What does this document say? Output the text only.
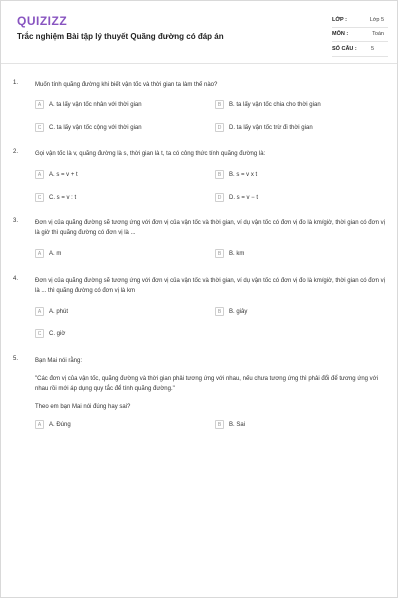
QUIZIZZ
Trắc nghiệm Bài tập lý thuyết Quãng đường có đáp án
LỚP :	Lớp 5
MÔN :	Toán
SỐ CÂU :	5
1.	Muốn tính quãng đường khi biết vận tốc và thời gian ta làm thế nào?
A	A. ta lấy vận tốc nhân với thời gian	B	B. ta lấy vận tốc chia cho thời gian
C	C. ta lấy vận tốc cộng với thời gian	D	D. ta lấy vận tốc trừ đi thời gian
2.	Gọi vận tốc là v, quãng đường là s, thời gian là t, ta có công thức tính quãng đường là:
A	A. s = v + t	B	B. s = v x t
C	C. s = v : t	D	D. s = v − t
3.	Đơn vị của quãng đường sẽ tương ứng với đơn vị của vận tốc và thời gian, ví dụ vận tốc có đơn vị đo là km/giờ, thời gian có đơn vị là giờ thì quãng đường có đơn vị là ...
A	A. m	B	B. km
4.	Đơn vị của quãng đường sẽ tương ứng với đơn vị của vận tốc và thời gian, ví dụ vận tốc có đơn vị đo là km/giờ, thời gian có đơn vị là ... thì quãng đường có đơn vị là km
A	A. phút	B	B. giây
C	C. giờ
5.	Bạn Mai nói rằng:

"Các đơn vị của vận tốc, quãng đường và thời gian phải tương ứng với nhau, nếu chưa tương ứng thì phải đổi để tương ứng với nhau rồi mới áp dụng quy tắc để tính quãng đường."

Theo em bạn Mai nói đúng hay sai?

A	A. Đúng	B	B. Sai
